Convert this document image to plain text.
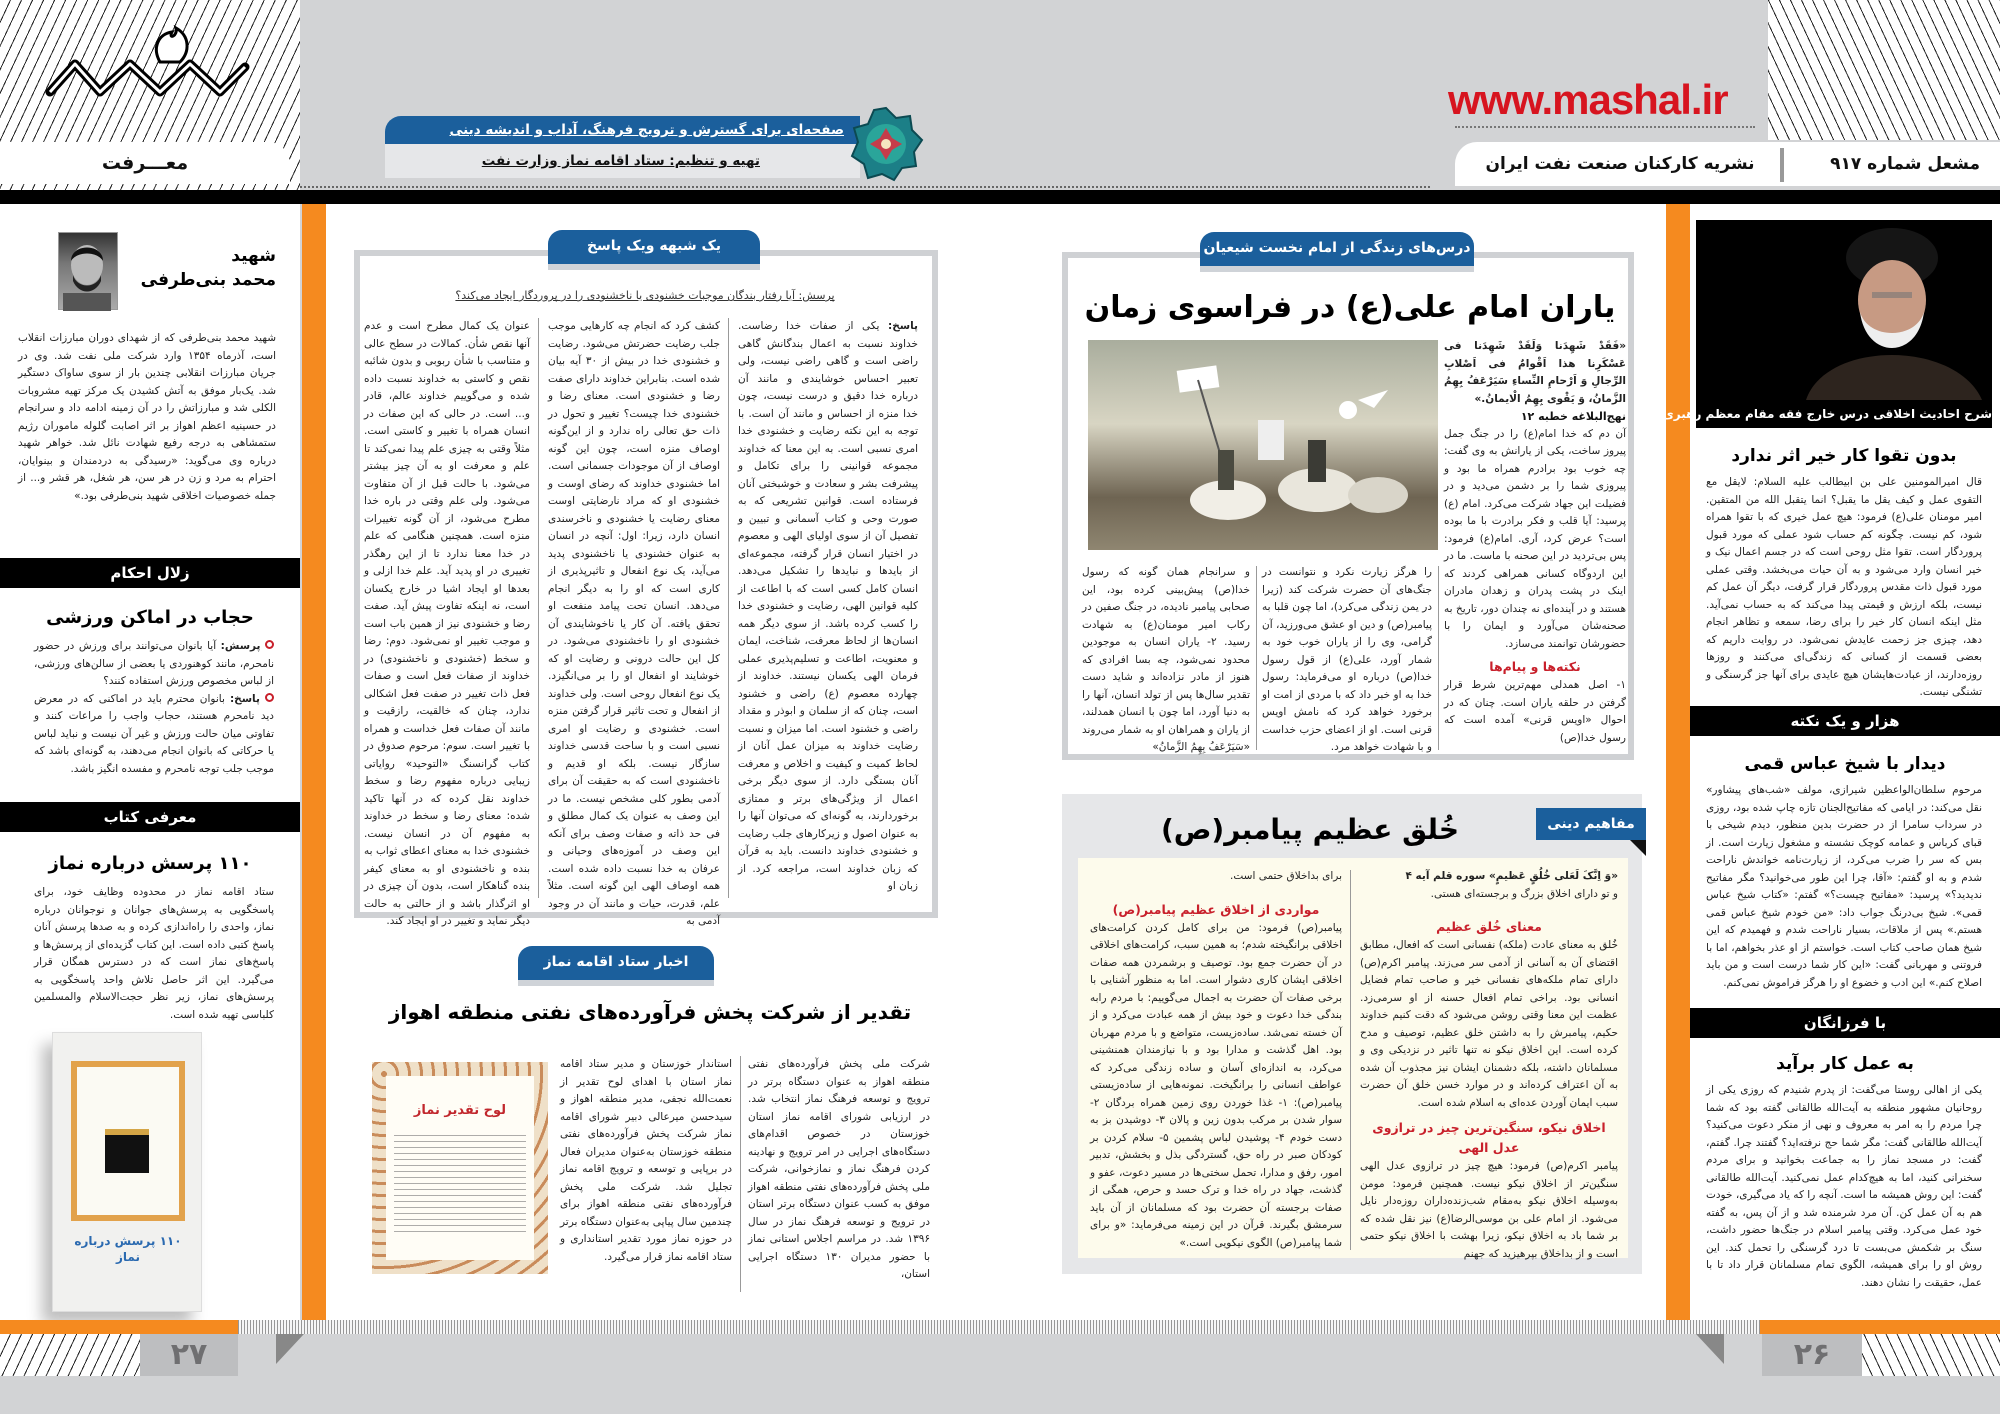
معـــرفت
صفحه‌ای برای گسترش و ترویج فرهنگ، آداب و اندیشه دینی
تهیه و تنظیم: ستاد اقامه نماز وزارت نفت
www.mashal.ir
مشعل شماره ۹۱۷
نشریه کارکنان صنعت نفت ایران
شهید
محمد بنی‌طرفی
شهید محمد بنی‌طرفی که از شهدای دوران مبارزات انقلاب است، آذرماه ۱۳۵۴ وارد شرکت ملی نفت شد. وی در جریان مبارزات انقلابی چندین بار از سوی ساواک دستگیر شد. یک‌بار موفق به آتش کشیدن یک مرکز تهیه مشروبات الکلی شد و مبارزاتش را در آن زمینه ادامه داد و سرانجام در حسینیه اعظم اهواز بر اثر اصابت گلوله ماموران رژیم ستمشاهی به درجه رفیع شهادت نائل شد. خواهر شهید درباره وی می‌گوید: «رسیدگی به دردمندان و بینوایان، احترام به مرد و زن در هر سن، هر شغل، هر قشر و... از جمله خصوصیات اخلاقی شهید بنی‌طرفی بود.»
زلال احکام
حجاب در اماکن ورزشی
پرسش: آیا بانوان می‌توانند برای ورزش در حضور نامحرم، مانند کوهنوردی یا بعضی از سالن‌های ورزشی، از لباس مخصوص ورزش استفاده کنند؟
پاسخ: بانوان محترم باید در اماکنی که در معرض دید نامحرم هستند، حجاب واجب را مراعات کنند و تفاوتی میان حالت ورزش و غیر آن نیست و نباید لباس یا حرکاتی که بانوان انجام می‌دهند، به گونه‌ای باشد که موجب جلب توجه نامحرم و مفسده انگیز باشد.
معرفی کتاب
۱۱۰ پرسش درباره نماز
ستاد اقامه نماز در محدوده وظایف خود، برای پاسخگویی به پرسش‌های جوانان و نوجوانان درباره نماز، واحدی را راه‌اندازی کرده و به صدها پرسش آنان پاسخ کتبی داده است. این کتاب گزیده‌ای از پرسش‌ها و پاسخ‌های نماز است که در دسترس همگان قرار می‌گیرد. این اثر حاصل تلاش واحد پاسخگویی به پرسش‌های نماز، زیر نظر حجت‌الاسلام والمسلمین کلباسی تهیه شده است.
۱۱۰ پرسش درباره نماز
یک شبهه ویک پاسخ
پرسش: آیا رفتار بندگان موجبات خشنودی یا ناخشنودی را در پروردگار ایجاد می‌کند؟
پاسخ: یکی از صفات خدا رضاست. خداوند نسبت به اعمال بندگانش گاهی راضی است و گاهی راضی نیست، ولی تعبیر احساس خوشایندی و مانند آن درباره خدا دقیق و درست نیست، چون خدا منزه از احساس و مانند آن است. با توجه به این نکته رضایت و خشنودی خدا امری نسبی است. به این معنا که خداوند مجموعه قوانینی را برای تکامل و پیشرفت بشر و سعادت و خوشبختی آنان فرستاده است. قوانین تشریعی که به صورت وحی و کتاب آسمانی و تبیین و تفصیل آن از سوی اولیای الهی و معصوم در اختیار انسان قرار گرفته، مجموعه‌ای از بایدها و نبایدها را تشکیل می‌دهد. انسان کامل کسی است که با اطاعت از کلیه قوانین الهی، رضایت و خشنودی خدا را کسب کرده باشد. از سوی دیگر همه انسان‌ها از لحاظ معرفت، شناخت، ایمان و معنویت، اطاعت و تسلیم‌پذیری عملی فرمان الهی یکسان نیستند. خداوند از چهارده معصوم (ع) راضی و خشنود است، چنان که از سلمان و ابوذر و مقداد راضی و خشنود است. اما میزان و نسبت رضایت خداوند به میزان عمل آنان از لحاظ کمیت و کیفیت و اخلاص و معرفت آنان بستگی دارد. از سوی دیگر برخی اعمال از ویژگی‌های برتر و ممتازی برخوردارند، به گونه‌ای که می‌توان آنها را به عنوان اصول و زیرکارهای جلب رضایت و خشنودی خداوند دانست. باید به قرآن که زبان خداوند است، مراجعه کرد. از زبان او
کشف کرد که انجام چه کارهایی موجب جلب رضایت حضرتش می‌شود. رضایت و خشنودی خدا در بیش از ۳۰ آیه بیان شده است. بنابراین خداوند دارای صفت رضا و خشنودی است. معنای رضا و خشنودی خدا چیست؟ تغییر و تحول در ذات حق تعالی راه ندارد و از این‌گونه اوصاف منزه است، چون این گونه اوصاف از آن موجودات جسمانی است. اما خشنودی خداوند که رضای اوست و خشنودی او که مراد نارضایتی اوست معنای رضایت یا خشنودی و ناخرسندی انسان دارد، زیرا: اول: آنچه در انسان به عنوان خشنودی یا ناخشنودی پدید می‌آید، یک نوع انفعال و تاثیرپذیری از کاری است که او را به دیگر انجام می‌دهد. انسان تحت پیامد منفعت او تحقق یافته. آن کار یا ناخوشایندی آن خشنودی او را ناخشنودی می‌شود. در کل این حالت درونی و رضایت او که خوشایند او انفعال او را بر می‌انگیزد. یک نوع انفعال روحی است. ولی خداوند از انفعال و تحت تاثیر قرار گرفتن منزه است. خشنودی و رضایت او امری نسبی است و با ساحت قدسی خداوند سازگار نیست. بلکه او قدیم و ناخشنودی است که به حقیقت آن برای آدمی بطور کلی مشخص نیست. ما در این وصف به عنوان یک کمال مطلق و فی حد ذاته و صفات وصف برای آنکه این وصف در آموزه‌های وحیانی و عرفان به خدا نسبت داده شده است. همه اوصاف الهی این گونه است. مثلاً علم، قدرت، حیات و مانند آن در وجود آدمی به
عنوان یک کمال مطرح است و عدم آنها نقص شأن. کمالات در سطح عالی و متناسب با شأن ربوبی و بدون شائبه نقص و کاستی به خداوند نسبت داده شده و می‌گوییم خداوند عالم، قادر و... است. در حالی که این صفات در انسان همراه با تغییر و کاستی است. مثلاً وقتی به چیزی علم پیدا نمی‌کند تا علم و معرفت او به آن چیز بیشتر می‌شود. با حالت قبل از آن متفاوت می‌شود. ولی علم وقتی در باره خدا مطرح می‌شود، از آن گونه تغییرات منزه است. همچنین هنگامی که علم در خدا معنا ندارد تا از این رهگذر تغییری در او پدید آید. علم خدا ازلی و بعدها او ایجاد اشیا در خارج یکسان است، نه اینکه تفاوت پیش آید. صفت رضا و خشنودی نیز از همین باب است و موجب تغییر او نمی‌شود. دوم: رضا و سخط (خشنودی و ناخشنودی) در خداوند از صفات فعل است و صفات فعل ذات تغییر در صفت فعل اشکالی ندارد، چنان که خالقیت، رازقیت و مانند آن صفات فعل خداست و همراه با تغییر است. سوم: مرحوم صدوق در کتاب گرانسنگ «التوحید» روایاتی زیبایی درباره مفهوم رضا و سخط خداوند نقل کرده که در آنها تاکید شده: معنای رضا و سخط در خداوند به مفهوم آن در انسان نیست. خشنودی خدا به معنای اعطای ثواب به بنده و ناخشنودی او به معنای کیفر بنده گناهکار است، بدون آن چیزی در او اثرگذار باشد و از حالتی به حالت دیگر نماید و تغییر در او ایجاد کند.
اخبار ستاد اقامه نماز
تقدیر از شرکت پخش فرآورده‌های نفتی منطقه اهواز
شرکت ملی پخش فرآورده‌های نفتی منطقه اهواز به عنوان دستگاه برتر در ترویج و توسعه فرهنگ نماز انتخاب شد. در ارزیابی شورای اقامه نماز استان خوزستان در خصوص اقدام‌های دستگاه‌های اجرایی در امر ترویج و نهادینه کردن فرهنگ نماز و نمازخوانی، شرکت ملی پخش فرآورده‌های نفتی منطقه اهواز موفق به کسب عنوان دستگاه برتر استان در ترویج و توسعه فرهنگ نماز در سال ۱۳۹۶ شد. در مراسم اجلاس استانی نماز با حضور مدیران ۱۳۰ دستگاه اجرایی استان،
استاندار خوزستان و مدیر ستاد اقامه نماز استان با اهدای لوح تقدیر از نعمت‌الله نجفی، مدیر منطقه اهواز و سیدحسن میرعالی دبیر شورای اقامه نماز شرکت پخش فرآورده‌های نفتی منطقه خوزستان به‌عنوان مدیران فعال در برپایی و توسعه و ترویج اقامه نماز تجلیل شد. شرکت ملی پخش فرآورده‌های نفتی منطقه اهواز برای چندمین سال پیاپی به‌عنوان دستگاه برتر در حوزه نماز مورد تقدیر استانداری و ستاد اقامه نماز قرار می‌گیرد.
لوح تقدیر نماز
درس‌های زندگی از امام نخست شیعیان
یاران امام علی(ع) در فراسوی زمان
«فَقَدْ شَهِدَنا وَلَقَدْ شَهِدَنا فی عَسْکَرِنا هذا اَقْوامٌ فی اَصْلابِ الرِّجالِ وَ اَرْحامِ النِّساءِ سَیَرْعَفُ بِهِمُ الزَّمانُ، وَ یَقْوی بِهِمُ الْایمانُ.»
نهج‌البلاغه خطبه ۱۲
آن دم که خدا امام(ع) را در جنگ جمل پیروز ساخت، یکی از یارانش به وی گفت: چه خوب بود برادرم همراه ما بود و پیروزی شما را بر دشمن می‌دید و در فضیلت این جهاد شرکت می‌کرد. امام (ع) پرسید: آیا قلب و فکر برادرت با ما بوده است؟ عرض کرد، آری. امام(ع) فرمود: پس بی‌تردید در این صحنه با ماست. ما در این اردوگاه کسانی همراهی کردند که اینک در پشت پدران و زهدان مادران هستند و در آینده‌ای نه چندان دور، تاریخ به صحنه‌شان می‌آورد و ایمان را با حضورشان توانمند می‌سازد.
نکته‌ها و پیام‌ها
۱- اصل همدلی مهم‌ترین شرط قرار گرفتن در حلقه یاران است. چنان که در احوال «اویس قرنی» آمده است که رسول خدا(ص)
را هرگز زیارت نکرد و نتوانست در جنگ‌های آن حضرت شرکت کند (زیرا در یمن زندگی می‌کرد)، اما چون قلبا به پیامبر(ص) و دین او عشق می‌ورزید، آن گرامی، وی را از یاران خوب خود به شمار آورد، علی(ع) از قول رسول خدا(ص) درباره او می‌فرماید: رسول خدا به او خبر داد که با مردی از امت او برخورد خواهد کرد که نامش اویس قرنی است. او از اعضای حزب خداست و با شهادت خواهد مرد.
و سرانجام همان گونه که رسول خدا(ص) پیش‌بینی کرده بود، این صحابی پیامبر نادیده، در جنگ صفین در رکاب امیر مومنان(ع) به شهادت رسید. ۲- یاران انسان به موجودین محدود نمی‌شود، چه بسا افرادی که هنوز از مادر نزاده‌اند و شاید دست تقدیر سال‌ها پس از تولد انسان، آنها را به دنیا آورد، اما چون با انسان همدلند، از یاران و همراهان او به شمار می‌روند «سَیَرْعَفُ بِهِمُ الزَّمانُ»
مفاهیم دینی
خُلق عظیم پیامبر(ص)
«وَ اِنَّکَ لَعَلی خُلُقٍ عَظیمٍ» سوره قلم آیه ۴
و تو دارای اخلاق بزرگ و برجسته‌ای هستی.
معنای خُلق عظیم
خُلق به معنای عادت (ملکه) نفسانی است که افعال، مطابق اقتضای آن به آسانی از آدمی سر می‌زند. پیامبر اکرم(ص) دارای تمام ملکه‌های نفسانی خیر و صاحب تمام فضایل انسانی بود. براخی تمام افعال حسنه از او سرمی‌زد. عظمت این معنا وقتی روشن می‌شود که دقت کنیم خداوند حکیم، پیامبرش را به داشتن خلق عظیم، توصیف و مدح کرده است. این اخلاق نیکو نه تنها تاثیر در نزدیکی وی و مسلمانان داشته، بلکه دشمنان ایشان نیز مجذوب آن شده به آن اعتراف کرده‌اند و در موارد خسن خلق آن حضرت سبب ایمان آوردن عده‌ای به اسلام شده است.
اخلاق نیکو، سنگین‌ترین چیز در ترازوی عدل الهی
پیامبر اکرم(ص) فرمود: هیچ چیز در ترازوی عدل الهی سنگین‌تر از اخلاق نیکو نیست. همچنین فرمود: مومن به‌وسیله اخلاق نیکو به‌مقام شب‌زنده‌داران روزه‌دار نایل می‌شود. از امام علی بن موسی‌الرضا(ع) نیز نقل شده که بر شما باد به اخلاق نیکو، زیرا بهشت با اخلاق نیکو حتمی است و از بداخلاق بپرهیزید که جهنم
برای بداخلاق حتمی است.
مواردی از اخلاق عظیم پیامبر(ص)
پیامبر(ص) فرمود: من برای کامل کردن کرامت‌های اخلاقی برانگیخته شدم؛ به همین سبب، کرامت‌های اخلاقی در آن حضرت جمع بود. توصیف و برشمردن همه صفات اخلاقی ایشان کاری دشوار است. اما به منظور آشنایی با برخی صفات آن حضرت به اجمال می‌گوییم: با مردم رابه بندگی خدا دعوت و خود بیش از همه عبادت می‌کرد و از آن خسته نمی‌شد. ساده‌زیست، متواضع و با مردم مهربان بود. اهل گذشت و مدارا بود و با نیازمندان همنشینی می‌کرد، به اندازه‌ای آسان و ساده زندگی می‌کرد که عواطف انسانی را برانگیخت. نمونه‌هایی از ساده‌زیستی پیامبر(ص): ۱- غذا خوردن روی زمین همراه بردگان ۲- سوار شدن بر مرکب بدون زین و پالان ۳- دوشیدن بز به دست خودم ۴- پوشیدن لباس پشمین ۵- سلام کردن بر کودکان صبر در راه حق، گستردگی بذل و بخشش، تدبیر امور، رفق و مدارا، تحمل سختی‌ها در مسیر دعوت، عفو و گذشت، جهاد در راه خدا و ترک حسد و حرص، همگی از صفات برجسته آن حضرت بود که مسلمانان از آن باید سرمشق بگیرند. قرآن در این زمینه می‌فرماید: «و برای شما پیامبر(ص) الگوی نیکویی است.»
شرح احادیث اخلاقی درس خارج فقه مقام معظم رهبری
بدون تقوا کار خیر اثر ندارد
قال امیرالمومنین علی بن ابیطالب علیه السلام: لایقل مع التقوی عمل و کیف یقل ما یقبل؟ انما یتقبل الله من المتقین. امیر مومنان علی(ع) فرمود: هیچ عمل خیری که با تقوا همراه شود، کم نیست. چگونه کم حساب شود عملی که مورد قبول پروردگار است. تقوا مثل روحی است که در جسم اعمال نیک و خیر انسان وارد می‌شود و به آن حیات می‌بخشد. وقتی عملی مورد قبول ذات مقدس پروردگار قرار گرفت، دیگر آن عمل کم نیست، بلکه ارزش و قیمتی پیدا می‌کند که به حساب نمی‌آید. مثل اینکه انسان کار خیر را برای رضا، سمعه و تظاهر انجام دهد، چیزی جز زحمت عایدش نمی‌شود. در روایت داریم که بعضی قسمت از کسانی که زندگی‌ای می‌کنند و روزها روزه‌دارند، از عبادت‌هایشان هیچ عایدی برای آنها جز گرسنگی و تشنگی نیست.
هزار و یک نکته
دیدار با شیخ عباس قمی
مرحوم سلطان‌الواعظین شیرازی، مولف «شب‌های پیشاور» نقل می‌کند: در ایامی که مفاتیح‌الجنان تازه چاپ شده بود، روزی در سرداب سامرا از در حضرت بدین منظور، دیدم شیخی با قبای کرباس و عمامه کوچک نشسته و مشغول زیارت است. از بس که سر را ضرب می‌کرد، از زیارت‌نامه خواندش ناراحت شدم و به او گفتم: «آقا، چرا این طور می‌خوانید؟ مگر مفاتیح ندیدید؟» پرسید: «مفاتیح چیست؟» گفتم: «کتاب شیخ عباس قمی». شیخ بی‌درنگ جواب داد: «من خودم شیخ عباس قمی هستم.» پس از ملاقات، بسیار ناراحت شدم و فهمیدم که این شیخ همان صاحب کتاب است. خواستم از او عذر بخواهم، اما با فروتنی و مهربانی گفت: «این کار شما درست است و من باید اصلاح کنم.» این ادب و خضوع او را هرگز فراموش نمی‌کنم.
با فرزانگان
به عمل کار برآید
یکی از اهالی روستا می‌گفت: از پدرم شنیدم که روزی یکی از روحانیان مشهور منطقه به آیت‌الله طالقانی گفته بود که شما چرا مردم را به امر به معروف و نهی از منکر دعوت می‌کنید؟ آیت‌الله طالقانی گفت: مگر شما حج نرفته‌اید؟ گفتند چرا. گفتم، گفت: در مسجد نماز را به جماعت بخوانید و برای مردم سخنرانی کنید، اما به هیچ‌کدام عمل نمی‌کنید. آیت‌الله طالقانی گفت: این روش همیشه ما است. آنچه را که یاد می‌گیری، خودت هم به آن عمل کن. آن مرد شرمنده شد و از آن پس، به گفته خود عمل می‌کرد. وقتی پیامبر اسلام در جنگ‌ها حضور داشت، سنگ بر شکمش می‌بست تا درد گرسنگی را تحمل کند. این روش او را برای همیشه، الگوی تمام مسلمانان قرار داد تا با عمل، حقیقت را نشان دهند.
۲۷	۲۶
